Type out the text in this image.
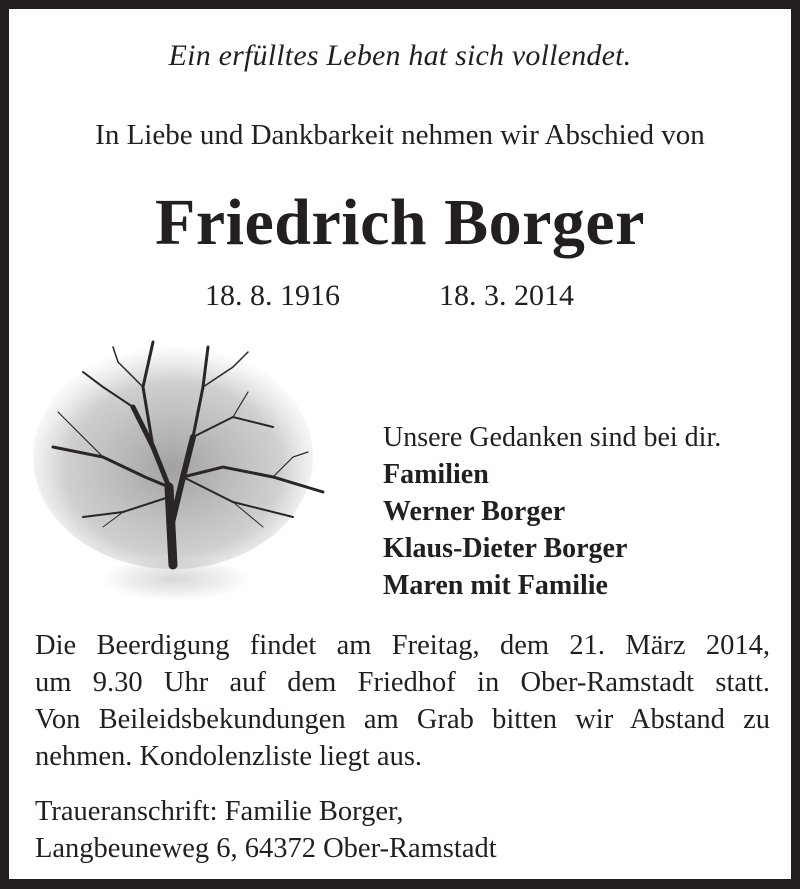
Ein erfülltes Leben hat sich vollendet.
In Liebe und Dankbarkeit nehmen wir Abschied von
Friedrich Borger
18. 8. 1916	18. 3. 2014
Unsere Gedanken sind bei dir.
Familien
Werner Borger
Klaus-Dieter Borger
Maren mit Familie
Die Beerdigung findet am Freitag, dem 21. März 2014,
um 9.30 Uhr auf dem Friedhof in Ober-Ramstadt statt.
Von Beileidsbekundungen am Grab bitten wir Abstand zu
nehmen. Kondolenzliste liegt aus.
Traueranschrift: Familie Borger,
Langbeuneweg 6, 64372 Ober-Ramstadt
